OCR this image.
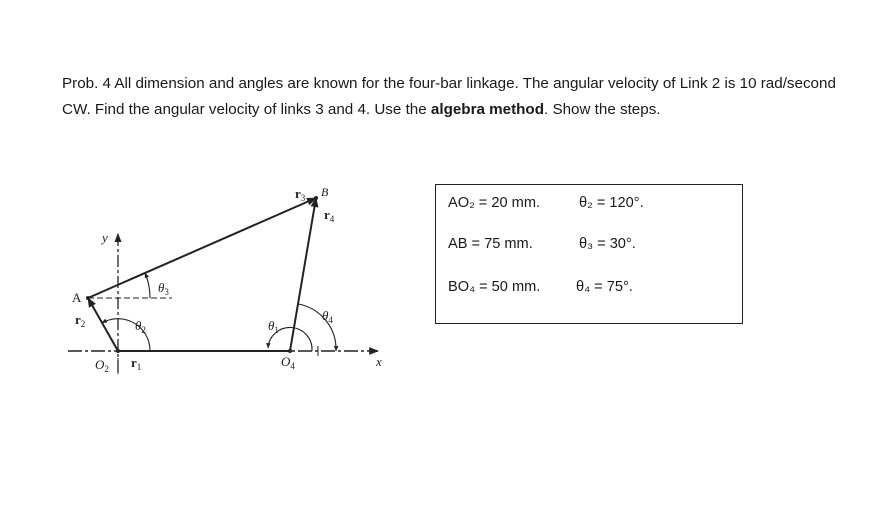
Prob. 4 All dimension and angles are known for the four-bar linkage. The angular velocity of Link 2 is 10 rad/second CW. Find the angular velocity of links 3 and 4. Use the algebra method. Show the steps.

A
B
y
x
$O_2$	$O_4$
$r_1$
$r_2$
$r_3$
$r_4$
$\theta_1$
$\theta_2$
$\theta_3$
$\theta_4$
AO₂ = 20 mm.	θ₂ = 120°.
AB = 75 mm.	θ₃ = 30°.
BO₄ = 50 mm. θ₄ = 75°.
